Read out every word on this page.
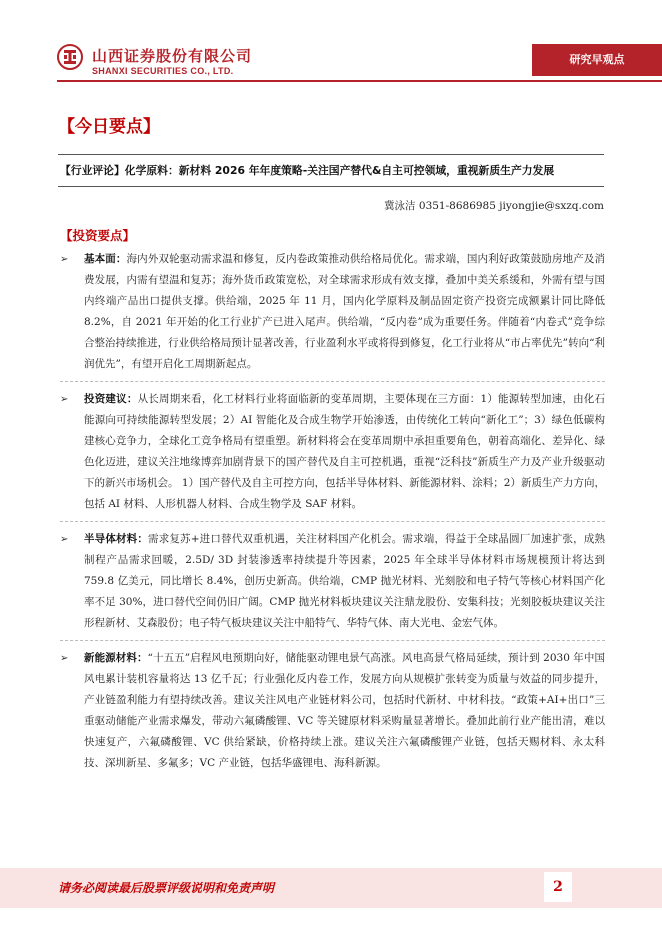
山西证券股份有限公司
SHANXI SECURITIES CO., LTD.
研究早观点
【今日要点】
【行业评论】化学原料：新材料 2026 年年度策略-关注国产替代&自主可控领域，重视新质生产力发展
冀泳洁 0351-8686985 jiyongjie@sxzq.com
【投资要点】
➢ 基本面：海内外双轮驱动需求温和修复，反内卷政策推动供给格局优化。需求端，国内利好政策鼓励房地产及消费发展，内需有望温和复苏；海外货币政策宽松，对全球需求形成有效支撑，叠加中美关系缓和，外需有望与国内终端产品出口提供支撑。供给端，2025 年 11 月，国内化学原料及制品固定资产投资完成额累计同比降低 8.2%，自 2021 年开始的化工行业扩产已进入尾声。供给端，“反内卷”成为重要任务。伴随着“内卷式”竞争综合整治持续推进，行业供给格局预计显著改善，行业盈利水平或将得到修复，化工行业将从“市占率优先”转向“利润优先”，有望开启化工周期新起点。
➢ 投资建议：从长周期来看，化工材料行业将面临新的变革周期，主要体现在三方面：1）能源转型加速，由化石能源向可持续能源转型发展；2）AI 智能化及合成生物学开始渗透，由传统化工转向“新化工”；3）绿色低碳构建核心竞争力，全球化工竞争格局有望重塑。新材料将会在变革周期中承担重要角色，朝着高端化、差异化、绿色化迈进，建议关注地缘博弈加剧背景下的国产替代及自主可控机遇，重视“泛科技”新质生产力及产业升级驱动下的新兴市场机会。 1）国产替代及自主可控方向，包括半导体材料、新能源材料、涂料；2）新质生产力方向，包括 AI 材料、人形机器人材料、合成生物学及 SAF 材料。
➢ 半导体材料：需求复苏+进口替代双重机遇，关注材料国产化机会。需求端，得益于全球晶圆厂加速扩张，成熟制程产品需求回暖，2.5D/ 3D 封装渗透率持续提升等因素，2025 年全球半导体材料市场规模预计将达到 759.8 亿美元，同比增长 8.4%，创历史新高。供给端，CMP 抛光材料、光刻胶和电子特气等核心材料国产化率不足 30%，进口替代空间仍旧广阔。CMP 抛光材料板块建议关注鼎龙股份、安集科技；光刻胶板块建议关注形程新材、艾森股份；电子特气板块建议关注中船特气、华特气体、南大光电、金宏气体。
➢ 新能源材料：“十五五”启程风电预期向好，储能驱动锂电景气高涨。风电高景气格局延续，预计到 2030 年中国风电累计装机容量将达 13 亿千瓦；行业强化反内卷工作，发展方向从规模扩张转变为质量与效益的同步提升，产业链盈利能力有望持续改善。建议关注风电产业链材料公司，包括时代新材、中材科技。“政策+AI+出口”三重驱动储能产业需求爆发，带动六氟磷酸锂、VC 等关键原材料采购量显著增长。叠加此前行业产能出清，难以快速复产，六氟磷酸锂、VC 供给紧缺，价格持续上涨。建议关注六氟磷酸锂产业链，包括天赐材料、永太科技、深圳新星、多氟多；VC 产业链，包括华盛锂电、海科新源。
请务必阅读最后股票评级说明和免责声明	2
